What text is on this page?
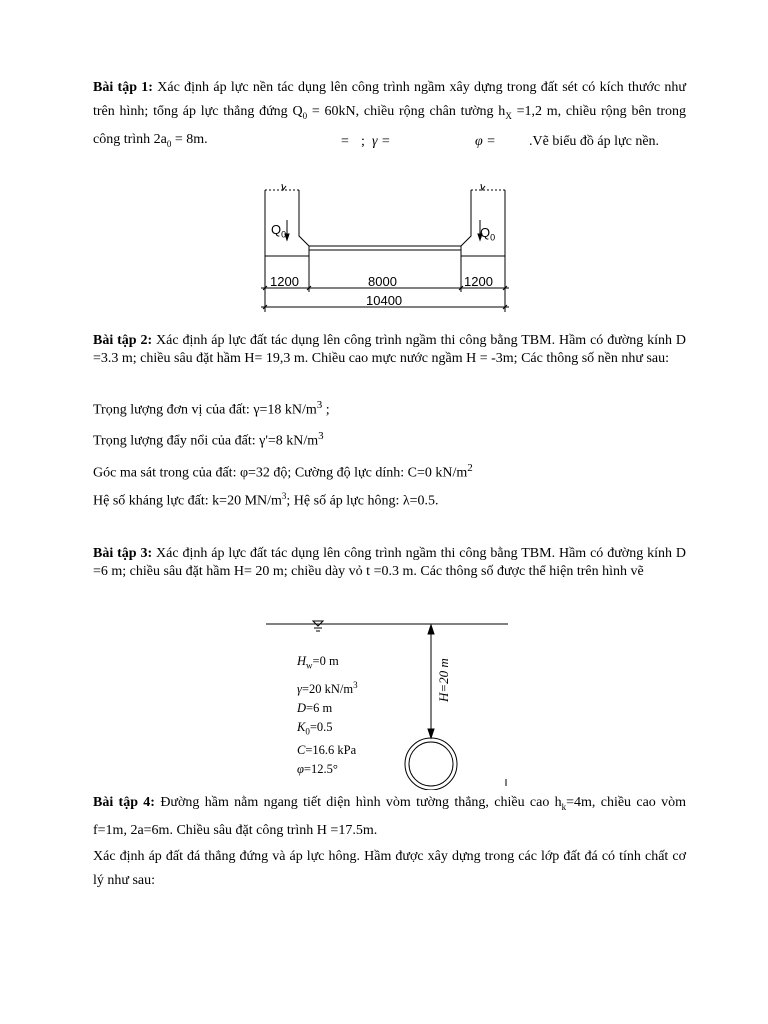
Bài tập 1: Xác định áp lực nền tác dụng lên công trình ngầm xây dựng trong đất sét có kích thước như trên hình; tổng áp lực thẳng đứng $Q_0 = 60kN$, chiều rộng chân tường $h_X =1,2$ m, chiều rộng bên trong công trình $2a_0 = 8m$.	= ; γ =	φ = .Vẽ biểu đồ áp lực nền.
$Q_0$	$Q_0$
1200	8000	1200
10400
Bài tập 2: Xác định áp lực đất tác dụng lên công trình ngầm thi công bằng TBM. Hầm có đường kính D =3.3 m; chiều sâu đặt hầm H= 19,3 m. Chiều cao mực nước ngầm H = -3m; Các thông số nền như sau:
Trọng lượng đơn vị của đất: γ=18 $kN/m^3$ ;
Trọng lượng đẩy nổi của đất: γ'=8 $kN/m^3$
Góc ma sát trong của đất: φ=32 độ; Cường độ lực dính: C=0 $kN/m^2$
Hệ số kháng lực đất: k=20 $MN/m^3$; Hệ số áp lực hông: λ=0.5.
Bài tập 3: Xác định áp lực đất tác dụng lên công trình ngầm thi công bằng TBM. Hầm có đường kính D =6 m; chiều sâu đặt hầm H= 20 m; chiều dày vỏ t =0.3 m. Các thông số được thể hiện trên hình vẽ
H=20 m
$H_w=0$ m
γ=20 $kN/m^3$
D=6 m
$K_0=0.5$
C=16.6 kPa
φ=12.5°
Bài tập 4: Đường hầm nằm ngang tiết diện hình vòm tường thẳng, chiều cao $h_k=4m$, chiều cao vòm f=1m, 2a=6m. Chiều sâu đặt công trình H =17.5m.
Xác định áp đất đá thẳng đứng và áp lực hông. Hầm được xây dựng trong các lớp đất đá có tính chất cơ lý như sau:
